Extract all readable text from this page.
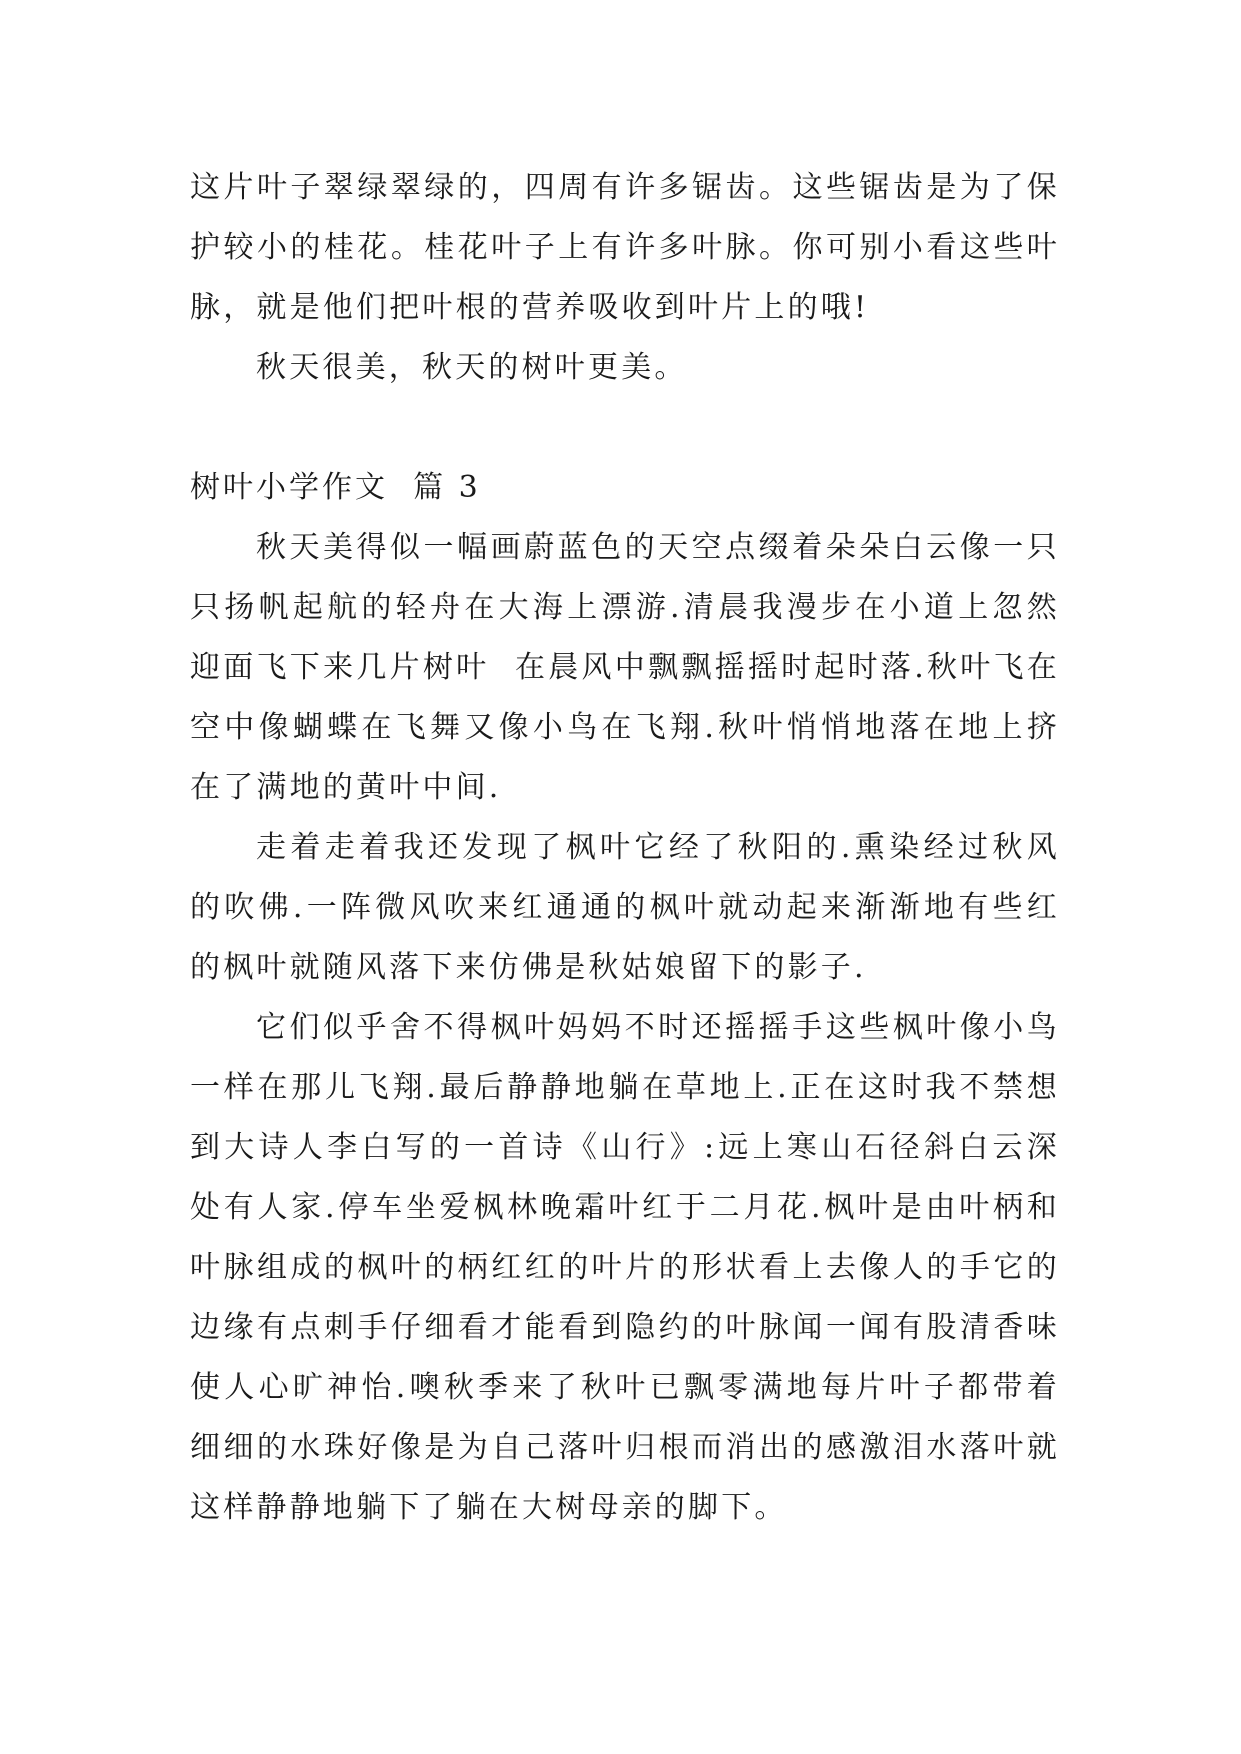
这片叶子翠绿翠绿的，四周有许多锯齿。这些锯齿是为了保护较小的桂花。桂花叶子上有许多叶脉。你可别小看这些叶脉，就是他们把叶根的营养吸收到叶片上的哦!

秋天很美，秋天的树叶更美。

树叶小学作文  篇 3

秋天美得似一幅画蔚蓝色的天空点缀着朵朵白云像一只只扬帆起航的轻舟在大海上漂游.清晨我漫步在小道上忽然迎面飞下来几片树叶  在晨风中飘飘摇摇时起时落.秋叶飞在空中像蝴蝶在飞舞又像小鸟在飞翔.秋叶悄悄地落在地上挤在了满地的黄叶中间.

走着走着我还发现了枫叶它经了秋阳的.熏染经过秋风的吹佛.一阵微风吹来红通通的枫叶就动起来渐渐地有些红的枫叶就随风落下来仿佛是秋姑娘留下的影子.

它们似乎舍不得枫叶妈妈不时还摇摇手这些枫叶像小鸟一样在那儿飞翔.最后静静地躺在草地上.正在这时我不禁想到大诗人李白写的一首诗《山行》:远上寒山石径斜白云深处有人家.停车坐爱枫林晚霜叶红于二月花.枫叶是由叶柄和叶脉组成的枫叶的柄红红的叶片的形状看上去像人的手它的边缘有点刺手仔细看才能看到隐约的叶脉闻一闻有股清香味使人心旷神怡.噢秋季来了秋叶已飘零满地每片叶子都带着细细的水珠好像是为自己落叶归根而消出的感激泪水落叶就这样静静地躺下了躺在大树母亲的脚下。
